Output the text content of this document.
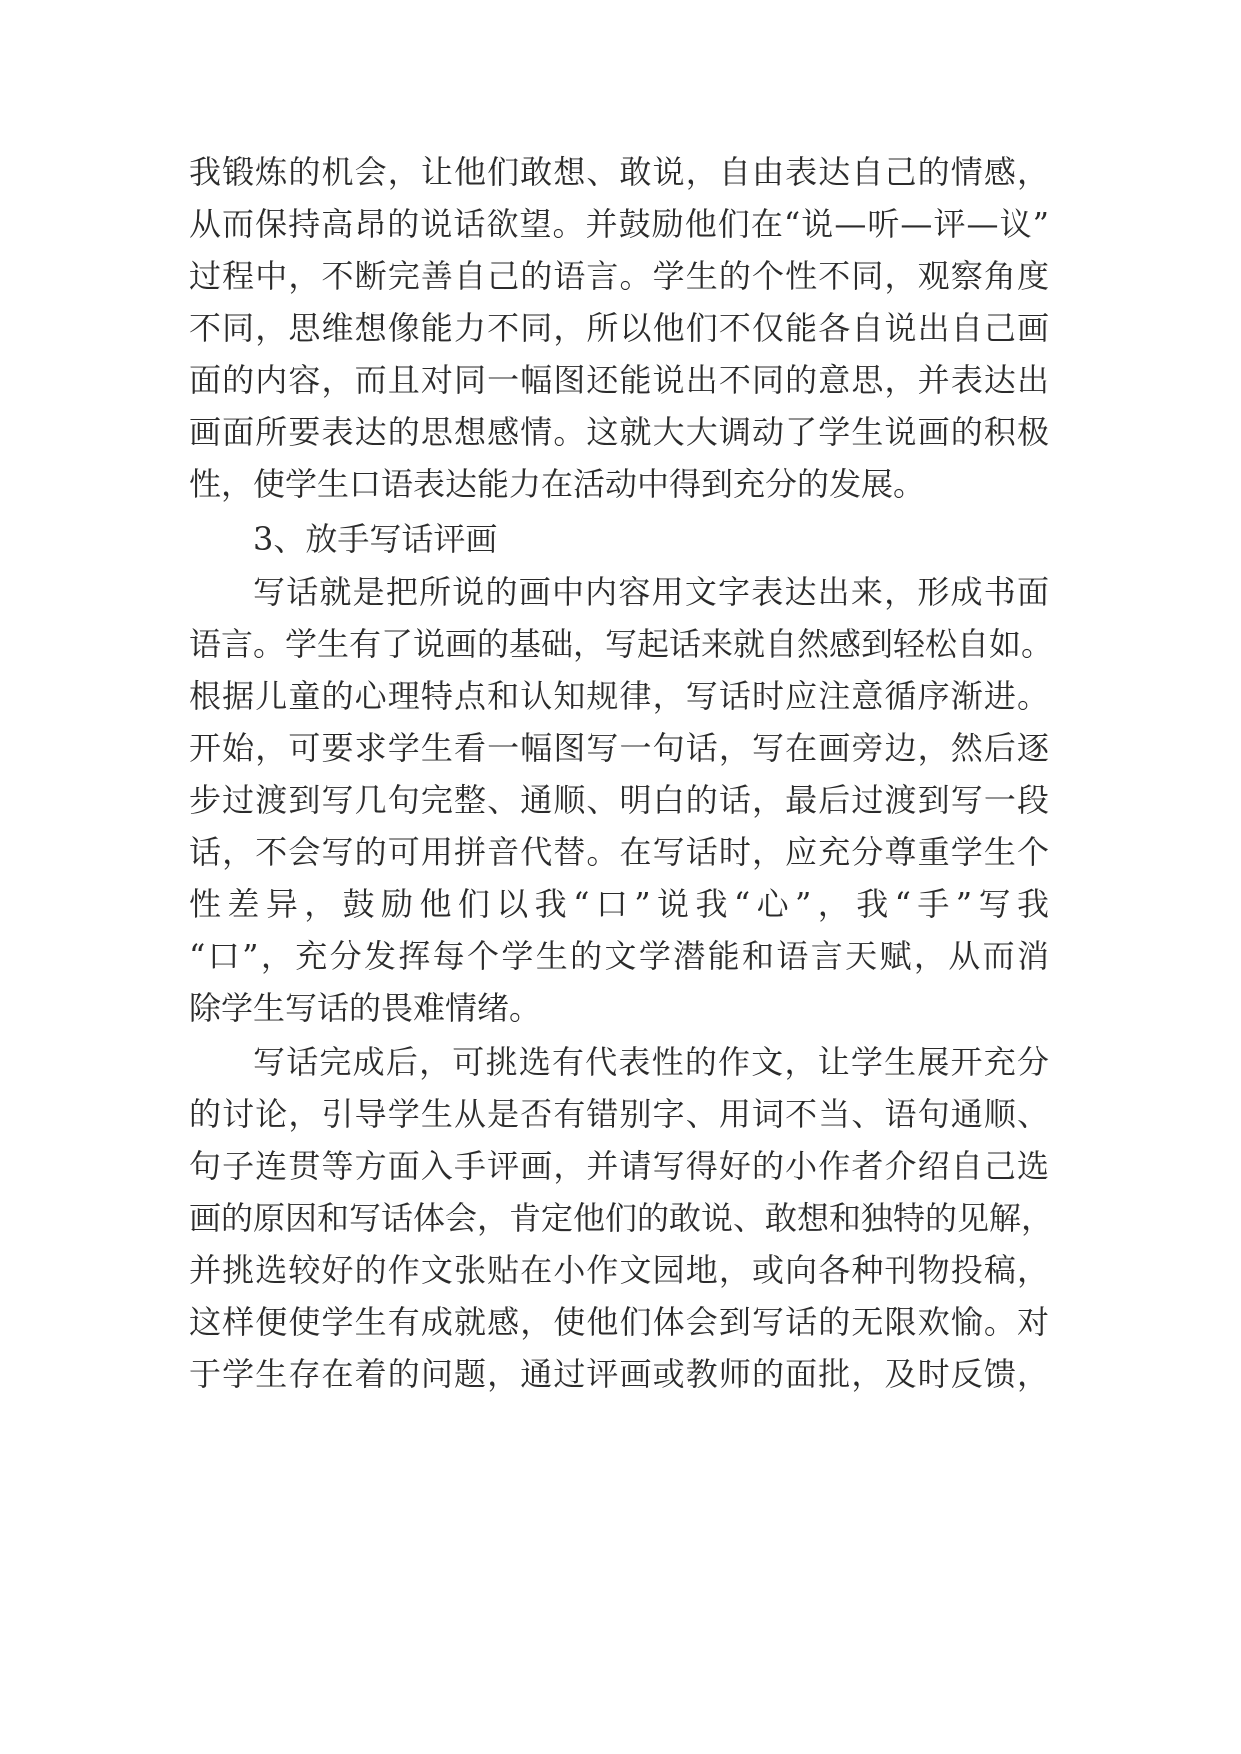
我锻炼的机会，让他们敢想、敢说，自由表达自己的情感，
从而保持高昂的说话欲望。并鼓励他们在“说—听—评—议”
过程中，不断完善自己的语言。学生的个性不同，观察角度
不同，思维想像能力不同，所以他们不仅能各自说出自己画
面的内容，而且对同一幅图还能说出不同的意思，并表达出
画面所要表达的思想感情。这就大大调动了学生说画的积极
性，使学生口语表达能力在活动中得到充分的发展。
3、放手写话评画
写话就是把所说的画中内容用文字表达出来，形成书面
语言。学生有了说画的基础，写起话来就自然感到轻松自如。
根据儿童的心理特点和认知规律，写话时应注意循序渐进。
开始，可要求学生看一幅图写一句话，写在画旁边，然后逐
步过渡到写几句完整、通顺、明白的话，最后过渡到写一段
话，不会写的可用拼音代替。在写话时，应充分尊重学生个
性差异，鼓励他们以我“口”说我“心”，我“手”写我
“口”，充分发挥每个学生的文学潜能和语言天赋，从而消
除学生写话的畏难情绪。
写话完成后，可挑选有代表性的作文，让学生展开充分
的讨论，引导学生从是否有错别字、用词不当、语句通顺、
句子连贯等方面入手评画，并请写得好的小作者介绍自己选
画的原因和写话体会，肯定他们的敢说、敢想和独特的见解，
并挑选较好的作文张贴在小作文园地，或向各种刊物投稿，
这样便使学生有成就感，使他们体会到写话的无限欢愉。对
于学生存在着的问题，通过评画或教师的面批，及时反馈，
